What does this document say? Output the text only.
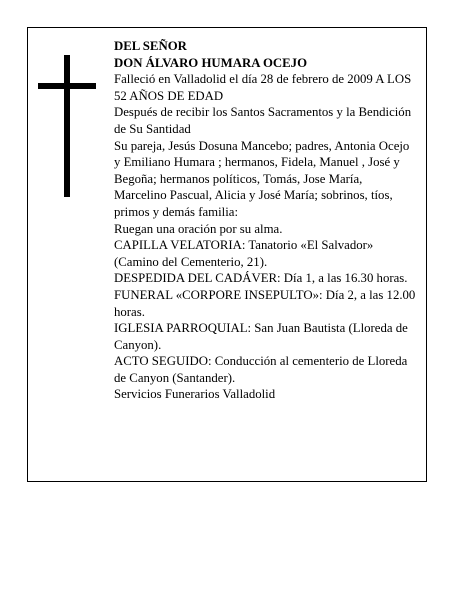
DEL SEÑOR

DON ÁLVARO HUMARA OCEJO

Falleció en Valladolid el día 28 de febrero de 2009 A LOS 52 AÑOS DE EDAD

Después de recibir los Santos Sacramentos y la Bendición de Su Santidad

Su pareja, Jesús Dosuna Mancebo; padres, Antonia Ocejo y Emiliano Humara ; hermanos, Fidela, Manuel , José y Begoña; hermanos políticos, Tomás, Jose María, Marcelino Pascual, Alicia y José María; sobrinos, tíos, primos y demás familia:

Ruegan una oración por su alma.

CAPILLA VELATORIA: Tanatorio «El Salvador» (Camino del Cementerio, 21).

DESPEDIDA DEL CADÁVER: Día 1, a las 16.30 horas.

FUNERAL «CORPORE INSEPULTO»: Día 2, a las 12.00 horas.

IGLESIA PARROQUIAL: San Juan Bautista (Lloreda de Canyon).

ACTO SEGUIDO: Conducción al cementerio de Lloreda de Canyon (Santander).

Servicios Funerarios Valladolid
